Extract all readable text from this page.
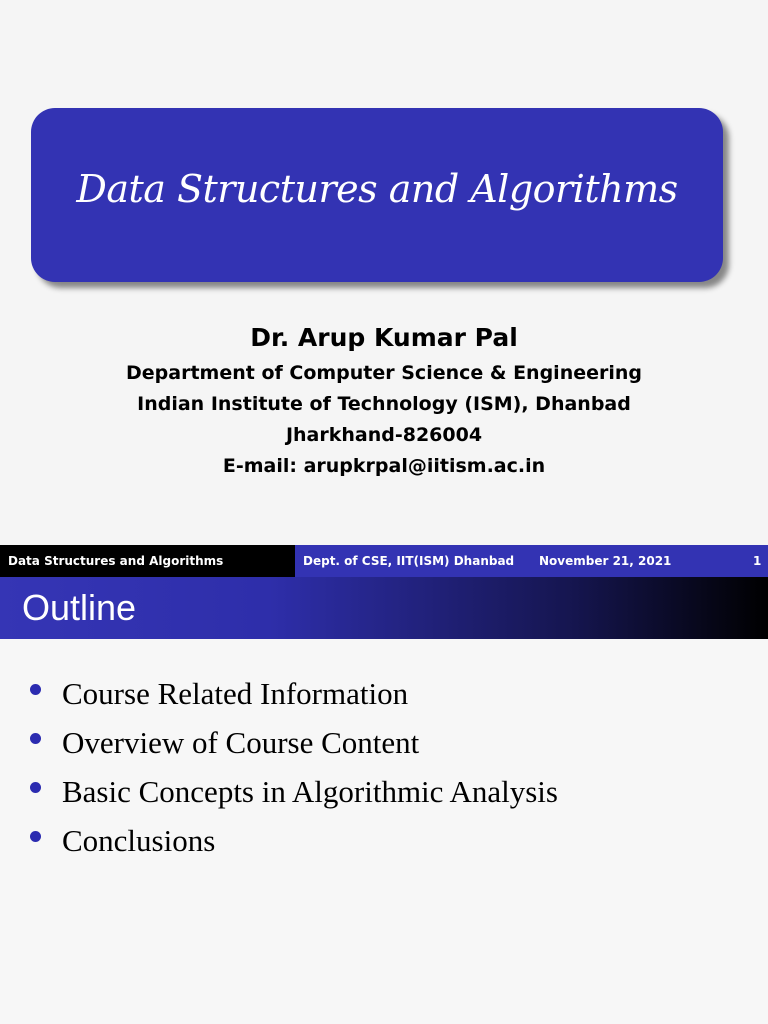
Data Structures and Algorithms
Dr. Arup Kumar Pal
Department of Computer Science & Engineering
Indian Institute of Technology (ISM), Dhanbad
Jharkhand-826004
E-mail: arupkrpal@iitism.ac.in
Data Structures and Algorithms	Dept. of CSE, IIT(ISM) Dhanbad November 21, 2021	1
Outline
Course Related Information
Overview of Course Content
Basic Concepts in Algorithmic Analysis
Conclusions
